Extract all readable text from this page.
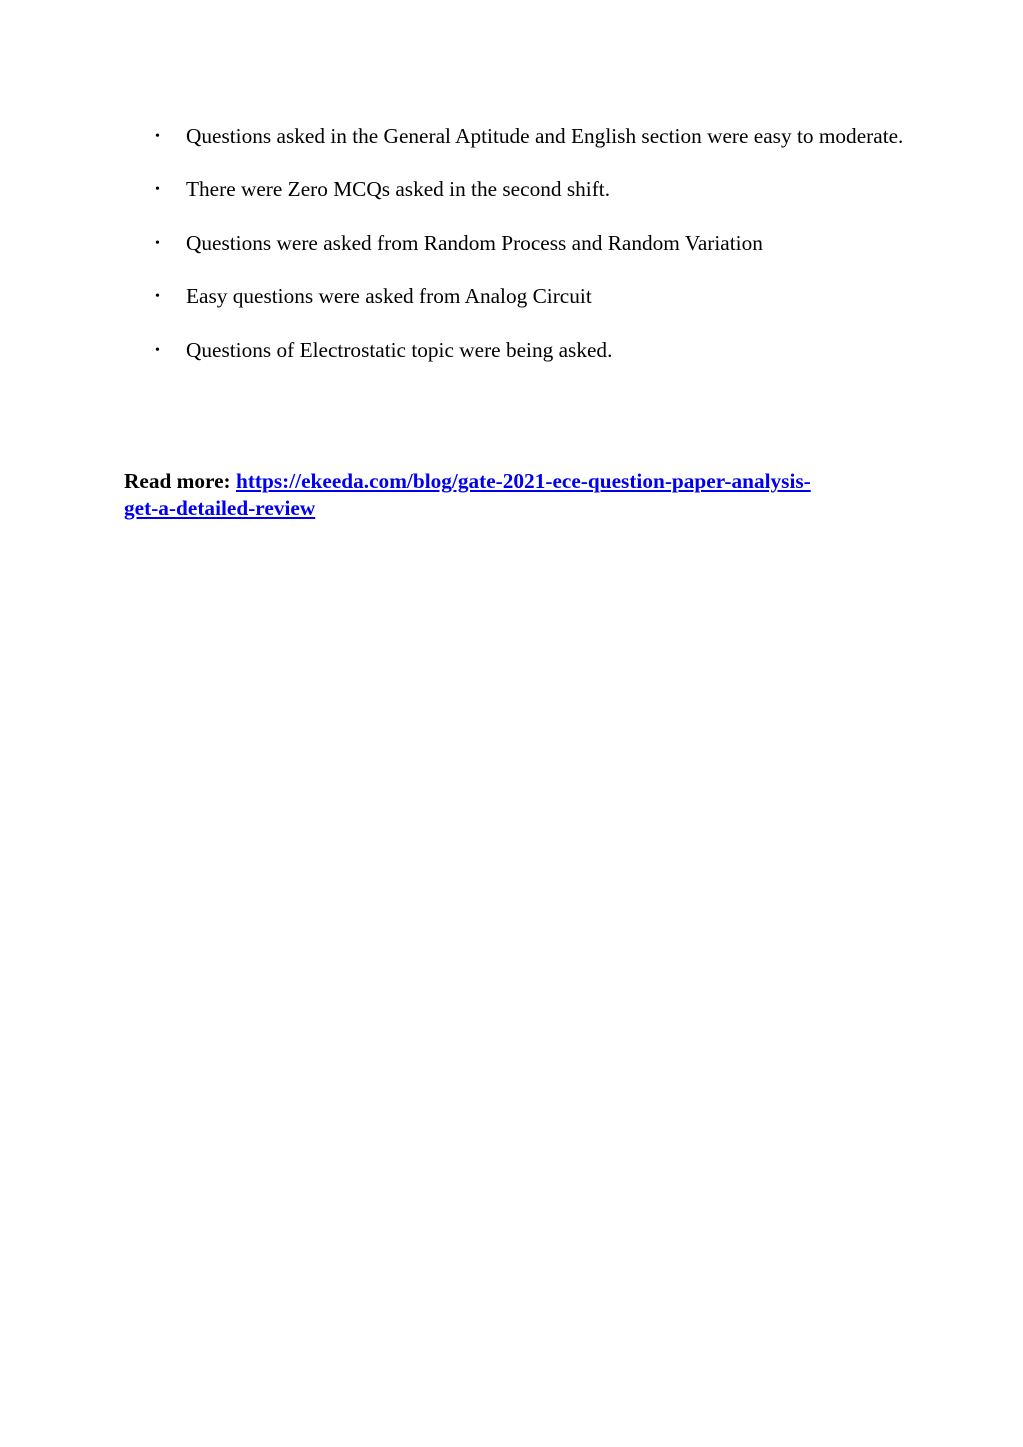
• Questions asked in the General Aptitude and English section were easy to moderate.
• There were Zero MCQs asked in the second shift.
• Questions were asked from Random Process and Random Variation
• Easy questions were asked from Analog Circuit
• Questions of Electrostatic topic were being asked.

Read more: https://ekeeda.com/blog/gate-2021-ece-question-paper-analysis-
get-a-detailed-review
